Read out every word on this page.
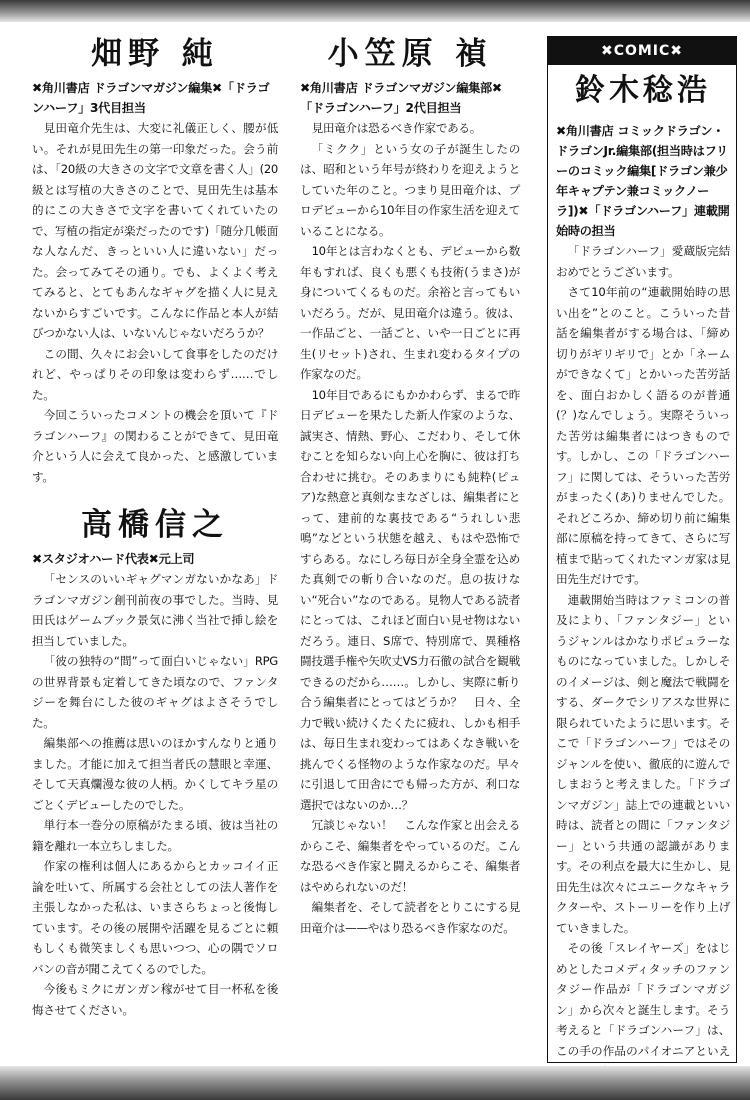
畑野 純

✖角川書店 ドラゴンマガジン編集✖「ドラゴンハーフ」3代目担当

見田竜介先生は、大変に礼儀正しく、腰が低い。それが見田先生の第一印象だった。会う前は、「20級の大きさの文字で文章を書く人」(20級とは写植の大きさのことで、見田先生は基本的にこの大きさで文字を書いてくれていたので、写植の指定が楽だったのです)「随分几帳面な人なんだ、きっといい人に違いない」だった。会ってみてその通り。でも、よくよく考えてみると、とてもあんなギャグを描く人に見えないからすごいです。こんなに作品と本人が結びつかない人は、いないんじゃないだろうか？

この間、久々にお会いして食事をしたのだけれど、やっぱりその印象は変わらず……でした。

今回こういったコメントの機会を頂いて『ドラゴンハーフ』の関わることができて、見田竜介という人に会えて良かった、と感激しています。

高橋信之

✖スタジオハード代表✖元上司

「センスのいいギャグマンガないかなあ」ドラゴンマガジン創刊前夜の事でした。当時、見田氏はゲームブック景気に沸く当社で挿し絵を担当していました。

「彼の独特の“間”って面白いじゃない」RPGの世界背景も定着してきた頃なので、ファンタジーを舞台にした彼のギャグはよさそうでした。

編集部への推薦は思いのほかすんなりと通りました。才能に加えて担当者氏の慧眼と幸運、そして天真爛漫な彼の人柄。かくしてキラ星のごとくデビューしたのでした。

単行本一巻分の原稿がたまる頃、彼は当社の籍を離れ一本立ちしました。

作家の権利は個人にあるからとカッコイイ正論を吐いて、所属する会社としての法人著作を主張しなかった私は、いまさらちょっと後悔しています。その後の展開や活躍を見るごとに頼もしくも微笑ましくも思いつつ、心の隅でソロバンの音が聞こえてくるのでした。

今後もミクにガンガン稼がせて目一杯私を後悔させてください。

小笠原 禎

✖角川書店 ドラゴンマガジン編集部✖「ドラゴンハーフ」2代目担当

見田竜介は恐るべき作家である。

「ミクク」という女の子が誕生したのは、昭和という年号が終わりを迎えようとしていた年のこと。つまり見田竜介は、プロデビューから10年目の作家生活を迎えていることになる。

10年とは言わなくとも、デビューから数年もすれば、良くも悪くも技術(うまさ)が身についてくるものだ。余裕と言ってもいいだろう。だが、見田竜介は違う。彼は、一作品ごと、一話ごと、いや一日ごとに再生(リセット)され、生まれ変わるタイプの作家なのだ。

10年目であるにもかかわらず、まるで昨日デビューを果たした新人作家のような、誠実さ、情熱、野心、こだわり、そして休むことを知らない向上心を胸に、彼は打ち合わせに挑む。そのあまりにも純粋(ピュア)な熱意と真剣なまなざしは、編集者にとって、建前的な裏技である“うれしい悲鳴”などという状態を越え、もはや恐怖ですらある。なにしろ毎日が全身全霊を込めた真剣での斬り合いなのだ。息の抜けない“死合い”なのである。見物人である読者にとっては、これほど面白い見せ物はないだろう。連日、S席で、特別席で、異種格闘技選手権や矢吹丈VS力石徹の試合を観戦できるのだから……。しかし、実際に斬り合う編集者にとってはどうか？　日々、全力で戦い続けくたくたに疲れ、しかも相手は、毎日生まれ変わってはあくなき戦いを挑んでくる怪物のような作家なのだ。早々に引退して田舎にでも帰った方が、利口な選択ではないのか…？

冗談じゃない！　こんな作家と出会えるからこそ、編集者をやっているのだ。こんな恐るべき作家と闘えるからこそ、編集者はやめられないのだ！

編集者を、そして読者をとりこにする見田竜介は——やはり恐るべき作家なのだ。

✖COMIC✖
鈴木稔浩

✖角川書店 コミックドラゴン・ドラゴンJr.編集部(担当時はフリーのコミック編集[ドラゴン兼少年キャプテン兼コミックノーラ])✖「ドラゴンハーフ」連載開始時の担当

「ドラゴンハーフ」愛蔵版完結おめでとうございます。

さて10年前の“連載開始時の思い出を”とのこと。こういった昔話を編集者がする場合は、「締め切りがギリギリで」とか「ネームができなくて」とかいった苦労話を、面白おかしく語るのが普通(？)なんでしょう。実際そういった苦労は編集者にはつきものです。しかし、この「ドラゴンハーフ」に関しては、そういった苦労がまったく(あ)りませんでした。それどころか、締め切り前に編集部に原稿を持ってきて、さらに写植まで貼ってくれたマンガ家は見田先生だけです。

連載開始当時はファミコンの普及により、「ファンタジー」というジャンルはかなりポピュラーなものになっていました。しかしそのイメージは、剣と魔法で戦闘をする、ダークでシリアスな世界に限られていたように思います。そこで「ドラゴンハーフ」ではそのジャンルを使い、徹底的に遊んでしまおうと考えました。「ドラゴンマガジン」誌上での連載といい時は、読者との間に「ファンタジー」という共通の認識があります。その利点を最大に生かし、見田先生は次々にユニークなキャラクターや、ストーリーを作り上げていきました。

その後「スレイヤーズ」をはじめとしたコメディタッチのファンタジー作品が「ドラゴンマガジン」から次々と誕生します。そう考えると「ドラゴンハーフ」は、この手の作品のパイオニアといえ
